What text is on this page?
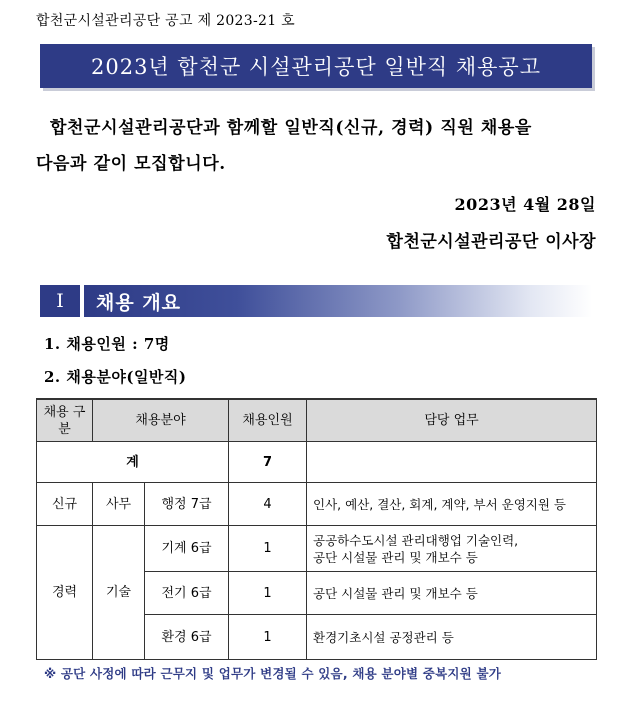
합천군시설관리공단 공고 제 2023-21 호
2023년 합천군 시설관리공단 일반직 채용공고
합천군시설관리공단과 함께할 일반직(신규, 경력) 직원 채용을
다음과 같이 모집합니다.
2023년 4월 28일
합천군시설관리공단 이사장
I	채용 개요
1. 채용인원 : 7명
2. 채용분야(일반직)
채용 구분	채용분야		채용인원	담당 업무
계			7	
신규	사무	행정 7급	4	인사, 예산, 결산, 회계, 계약, 부서 운영지원 등

경력	기술	기계 6급	1	공공하수도시설 관리대행업 기술인력,
공단 시설물 관리 및 개보수 등

		전기 6급	1	공단 시설물 관리 및 개보수 등

		환경 6급	1	환경기초시설 공정관리 등
※ 공단 사정에 따라 근무지 및 업무가 변경될 수 있음, 채용 분야별 중복지원 불가
